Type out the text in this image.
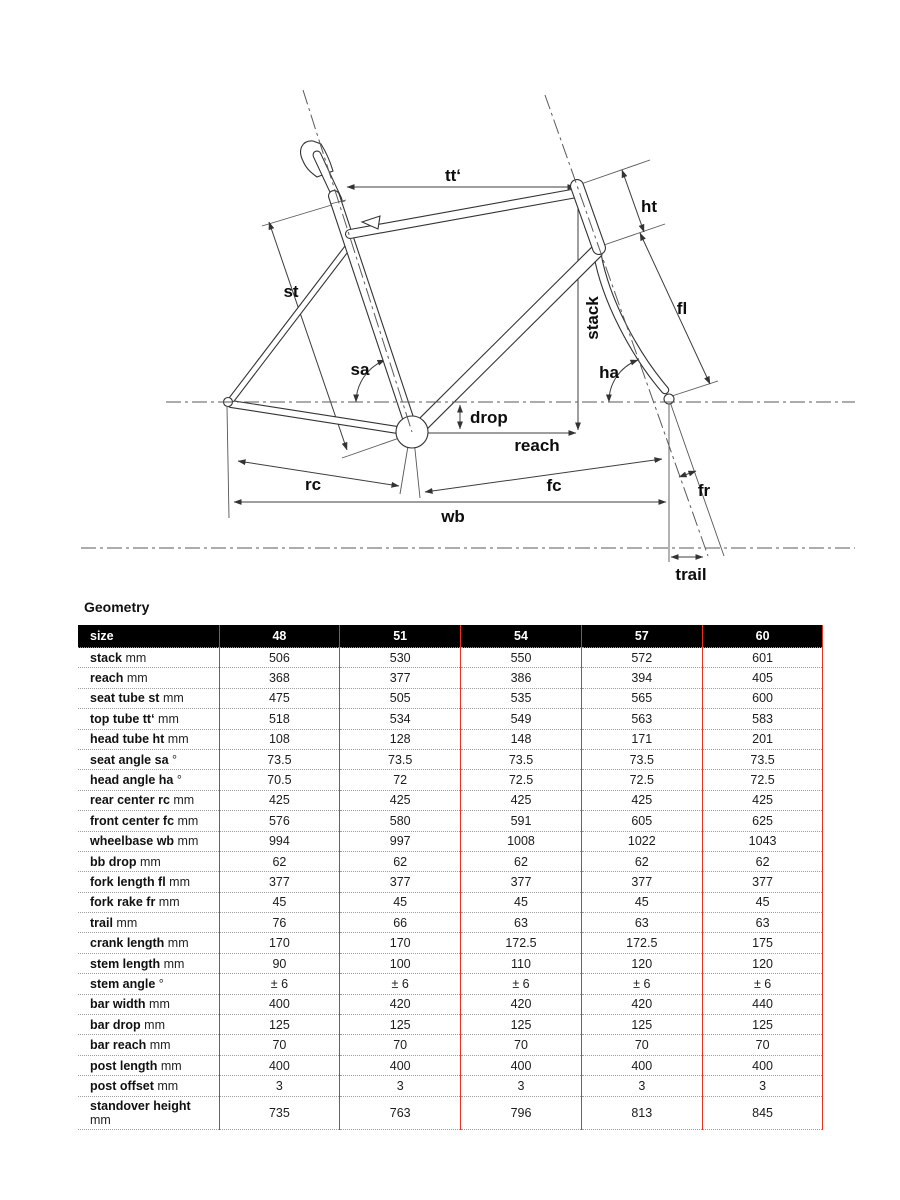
tt‘
ht
st
fl
stack
sa	ha
drop
reach
rc	fc	fr
wb
trail
Geometry
size	48	51	54	57	60
stack mm	506	530	550	572	601
reach mm	368	377	386	394	405
seat tube st mm	475	505	535	565	600
top tube tt‘ mm	518	534	549	563	583
head tube ht mm	108	128	148	171	201
seat angle sa °	73.5	73.5	73.5	73.5	73.5
head angle ha °	70.5	72	72.5	72.5	72.5
rear center rc mm	425	425	425	425	425
front center fc mm	576	580	591	605	625
wheelbase wb mm	994	997	1008	1022	1043
bb drop mm	62	62	62	62	62
fork length fl mm	377	377	377	377	377
fork rake fr mm	45	45	45	45	45
trail mm	76	66	63	63	63
crank length mm	170	170	172.5	172.5	175
stem length mm	90	100	110	120	120
stem angle °	± 6	± 6	± 6	± 6	± 6
bar width mm	400	420	420	420	440
bar drop mm	125	125	125	125	125
bar reach mm	70	70	70	70	70
post length mm	400	400	400	400	400
post offset mm	3	3	3	3	3
standover height mm	735	763	796	813	845
